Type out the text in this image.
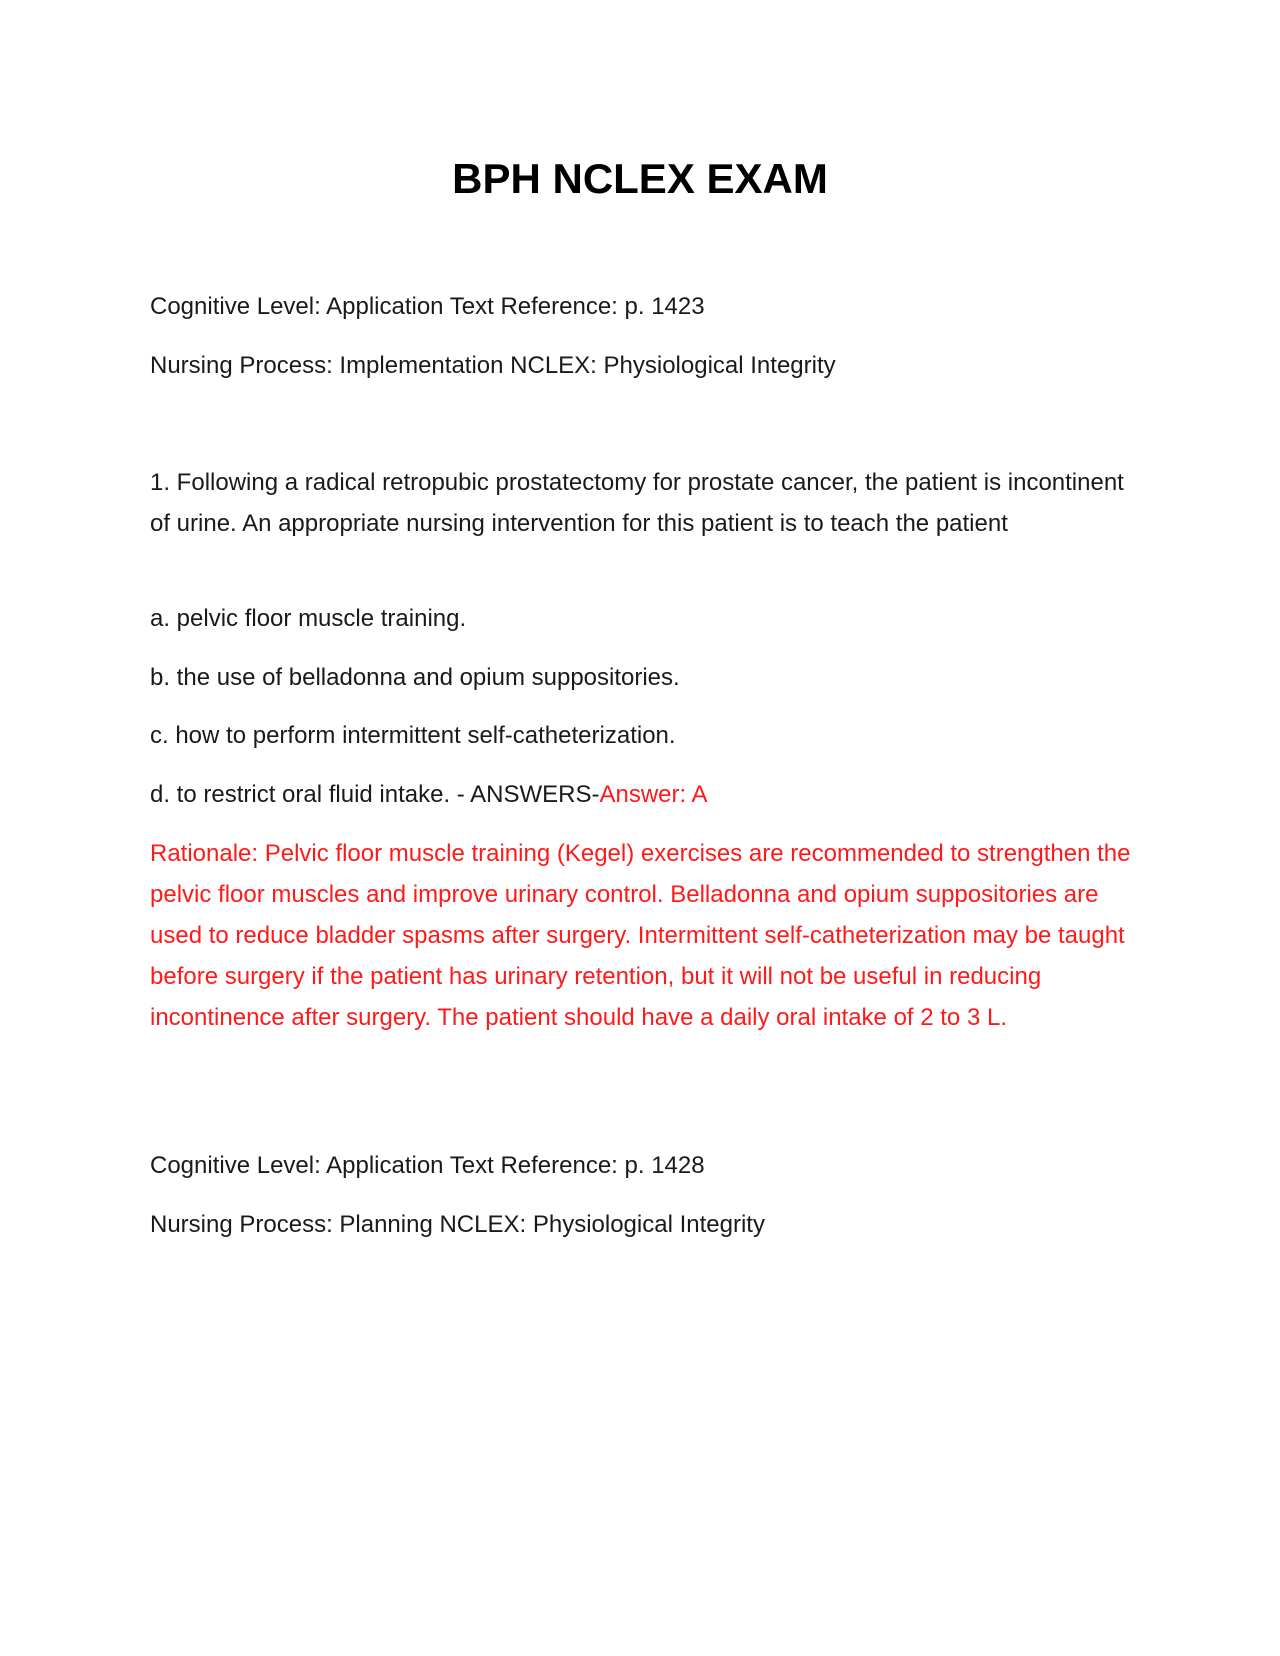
BPH NCLEX EXAM
Cognitive Level: Application Text Reference: p. 1423
Nursing Process: Implementation NCLEX: Physiological Integrity
1. Following a radical retropubic prostatectomy for prostate cancer, the patient is incontinent of urine. An appropriate nursing intervention for this patient is to teach the patient
a. pelvic floor muscle training.
b. the use of belladonna and opium suppositories.
c. how to perform intermittent self-catheterization.
d. to restrict oral fluid intake. - ANSWERS-Answer: A
Rationale: Pelvic floor muscle training (Kegel) exercises are recommended to strengthen the pelvic floor muscles and improve urinary control. Belladonna and opium suppositories are used to reduce bladder spasms after surgery. Intermittent self-catheterization may be taught before surgery if the patient has urinary retention, but it will not be useful in reducing incontinence after surgery. The patient should have a daily oral intake of 2 to 3 L.
Cognitive Level: Application Text Reference: p. 1428
Nursing Process: Planning NCLEX: Physiological Integrity
